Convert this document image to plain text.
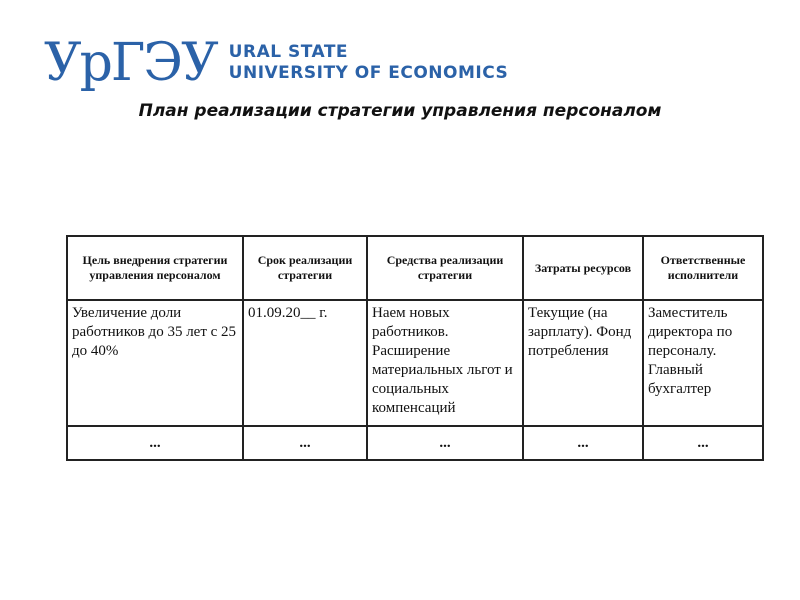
УрГЭУ URAL STATE
UNIVERSITY OF ECONOMICS
План реализации стратегии управления персоналом
Цель внедрения стратегии управления персоналом	Срок реализации стратегии	Средства реализации стратегии	Затраты ресурсов	Ответственные исполнители
Увеличение доли работников до 35 лет с 25 до 40%	01.09.20__ г.	Наем новых работников. Расширение материальных льгот и социальных компенсаций	Текущие (на зарплату). Фонд потребления	Заместитель директора по персоналу. Главный бухгалтер
...	...	...	...	...
